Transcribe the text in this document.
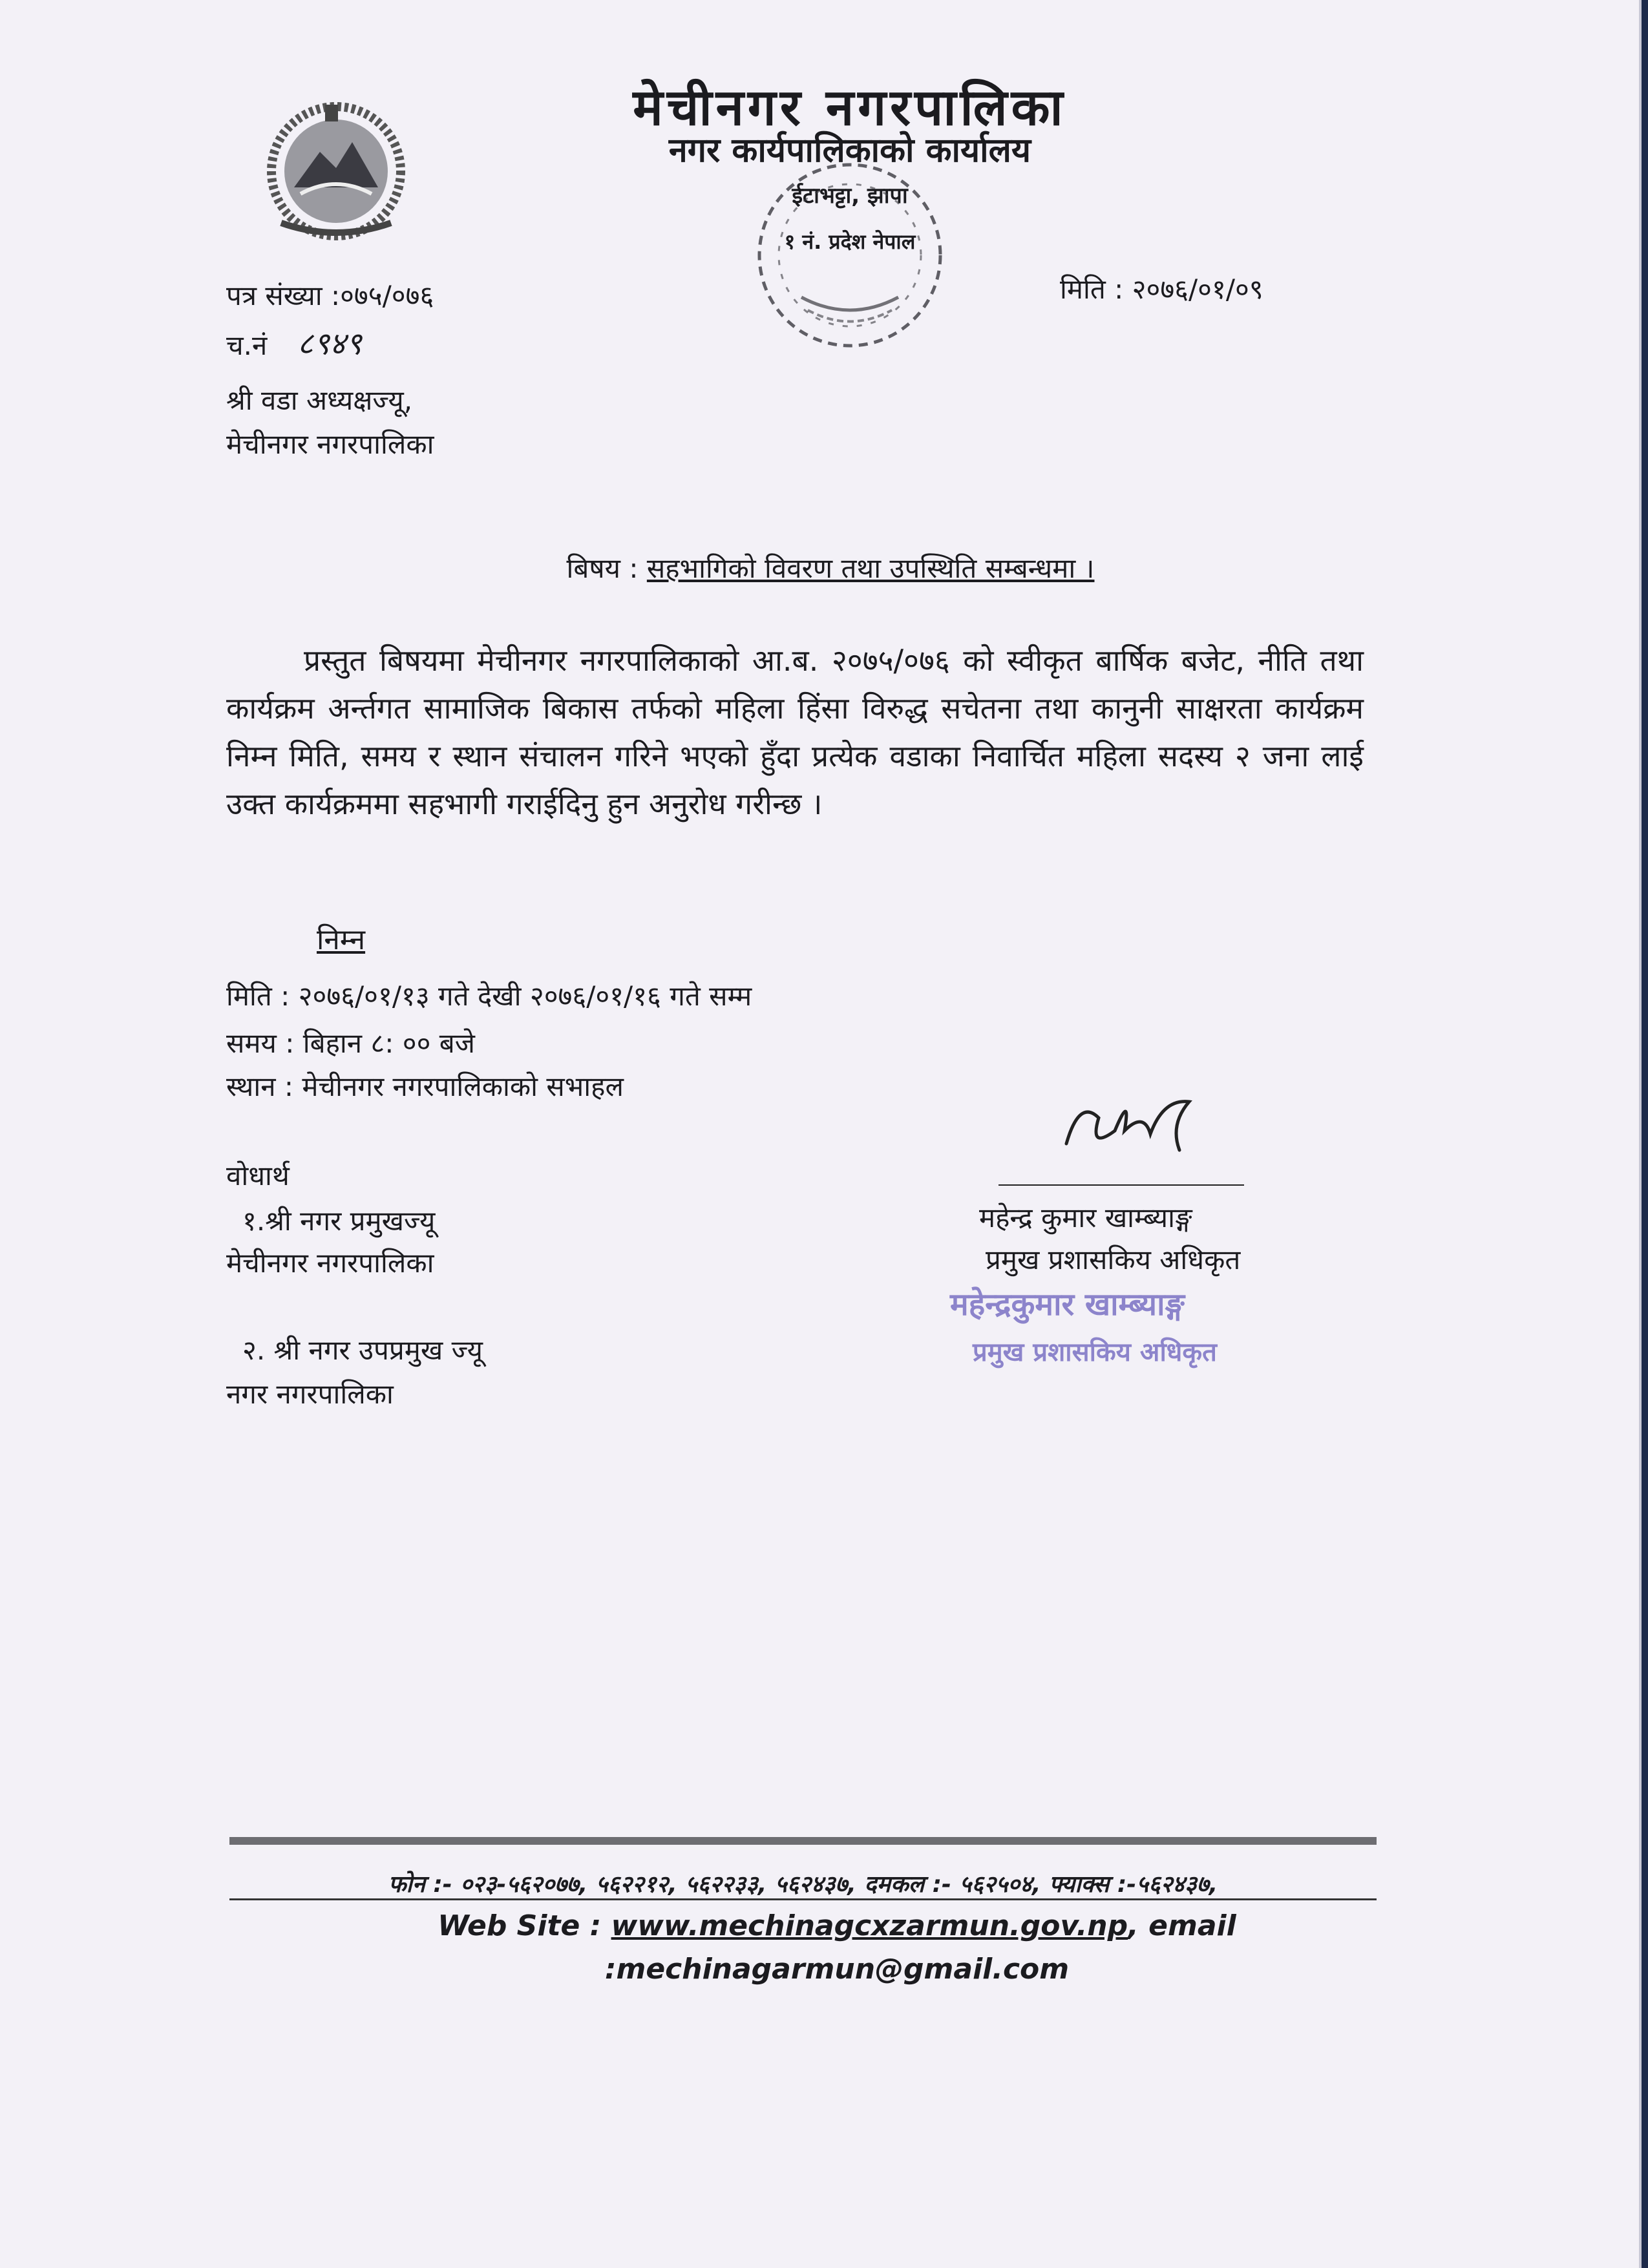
मेचीनगर नगरपालिका
नगर कार्यपालिकाको कार्यालय
ईटाभट्टा, झापा
१ नं. प्रदेश नेपाल
पत्र संख्या :०७५/०७६
च.नं ८९४९
मिति : २०७६/०१/०९
श्री वडा अध्यक्षज्यू,
मेचीनगर नगरपालिका
बिषय : सहभागिको विवरण तथा उपस्थिति सम्बन्धमा ।

प्रस्तुत बिषयमा मेचीनगर नगरपालिकाको आ.ब. २०७५/०७६ को स्वीकृत बार्षिक बजेट, नीति तथा कार्यक्रम अर्न्तगत सामाजिक बिकास तर्फको महिला हिंसा विरुद्ध सचेतना तथा कानुनी साक्षरता कार्यक्रम निम्न मिति, समय र स्थान संचालन गरिने भएको हुँदा प्रत्येक वडाका निवार्चित महिला सदस्य २ जना लाई उक्त कार्यक्रममा सहभागी गराईदिनु हुन अनुरोध गरीन्छ ।

निम्न
मिति : २०७६/०१/१३ गते देखी २०७६/०१/१६ गते सम्म
समय : बिहान ८: ०० बजे
स्थान : मेचीनगर नगरपालिकाको सभाहल
वोधार्थ
१.श्री नगर प्रमुखज्यू
मेचीनगर नगरपालिका
२. श्री नगर उपप्रमुख ज्यू
नगर नगरपालिका
महेन्द्र कुमार खाम्ब्याङ्ग
प्रमुख प्रशासकिय अधिकृत
महेन्द्रकुमार खाम्ब्याङ्ग
प्रमुख प्रशासकिय अधिकृत
फोन :- ०२३-५६२०७७, ५६२२१२, ५६२२३३, ५६२४३७, दमकल :- ५६२५०४, फ्याक्स :-५६२४३७,
Web Site : www.mechinagcxzarmun.gov.np, email
:mechinagarmun@gmail.com
